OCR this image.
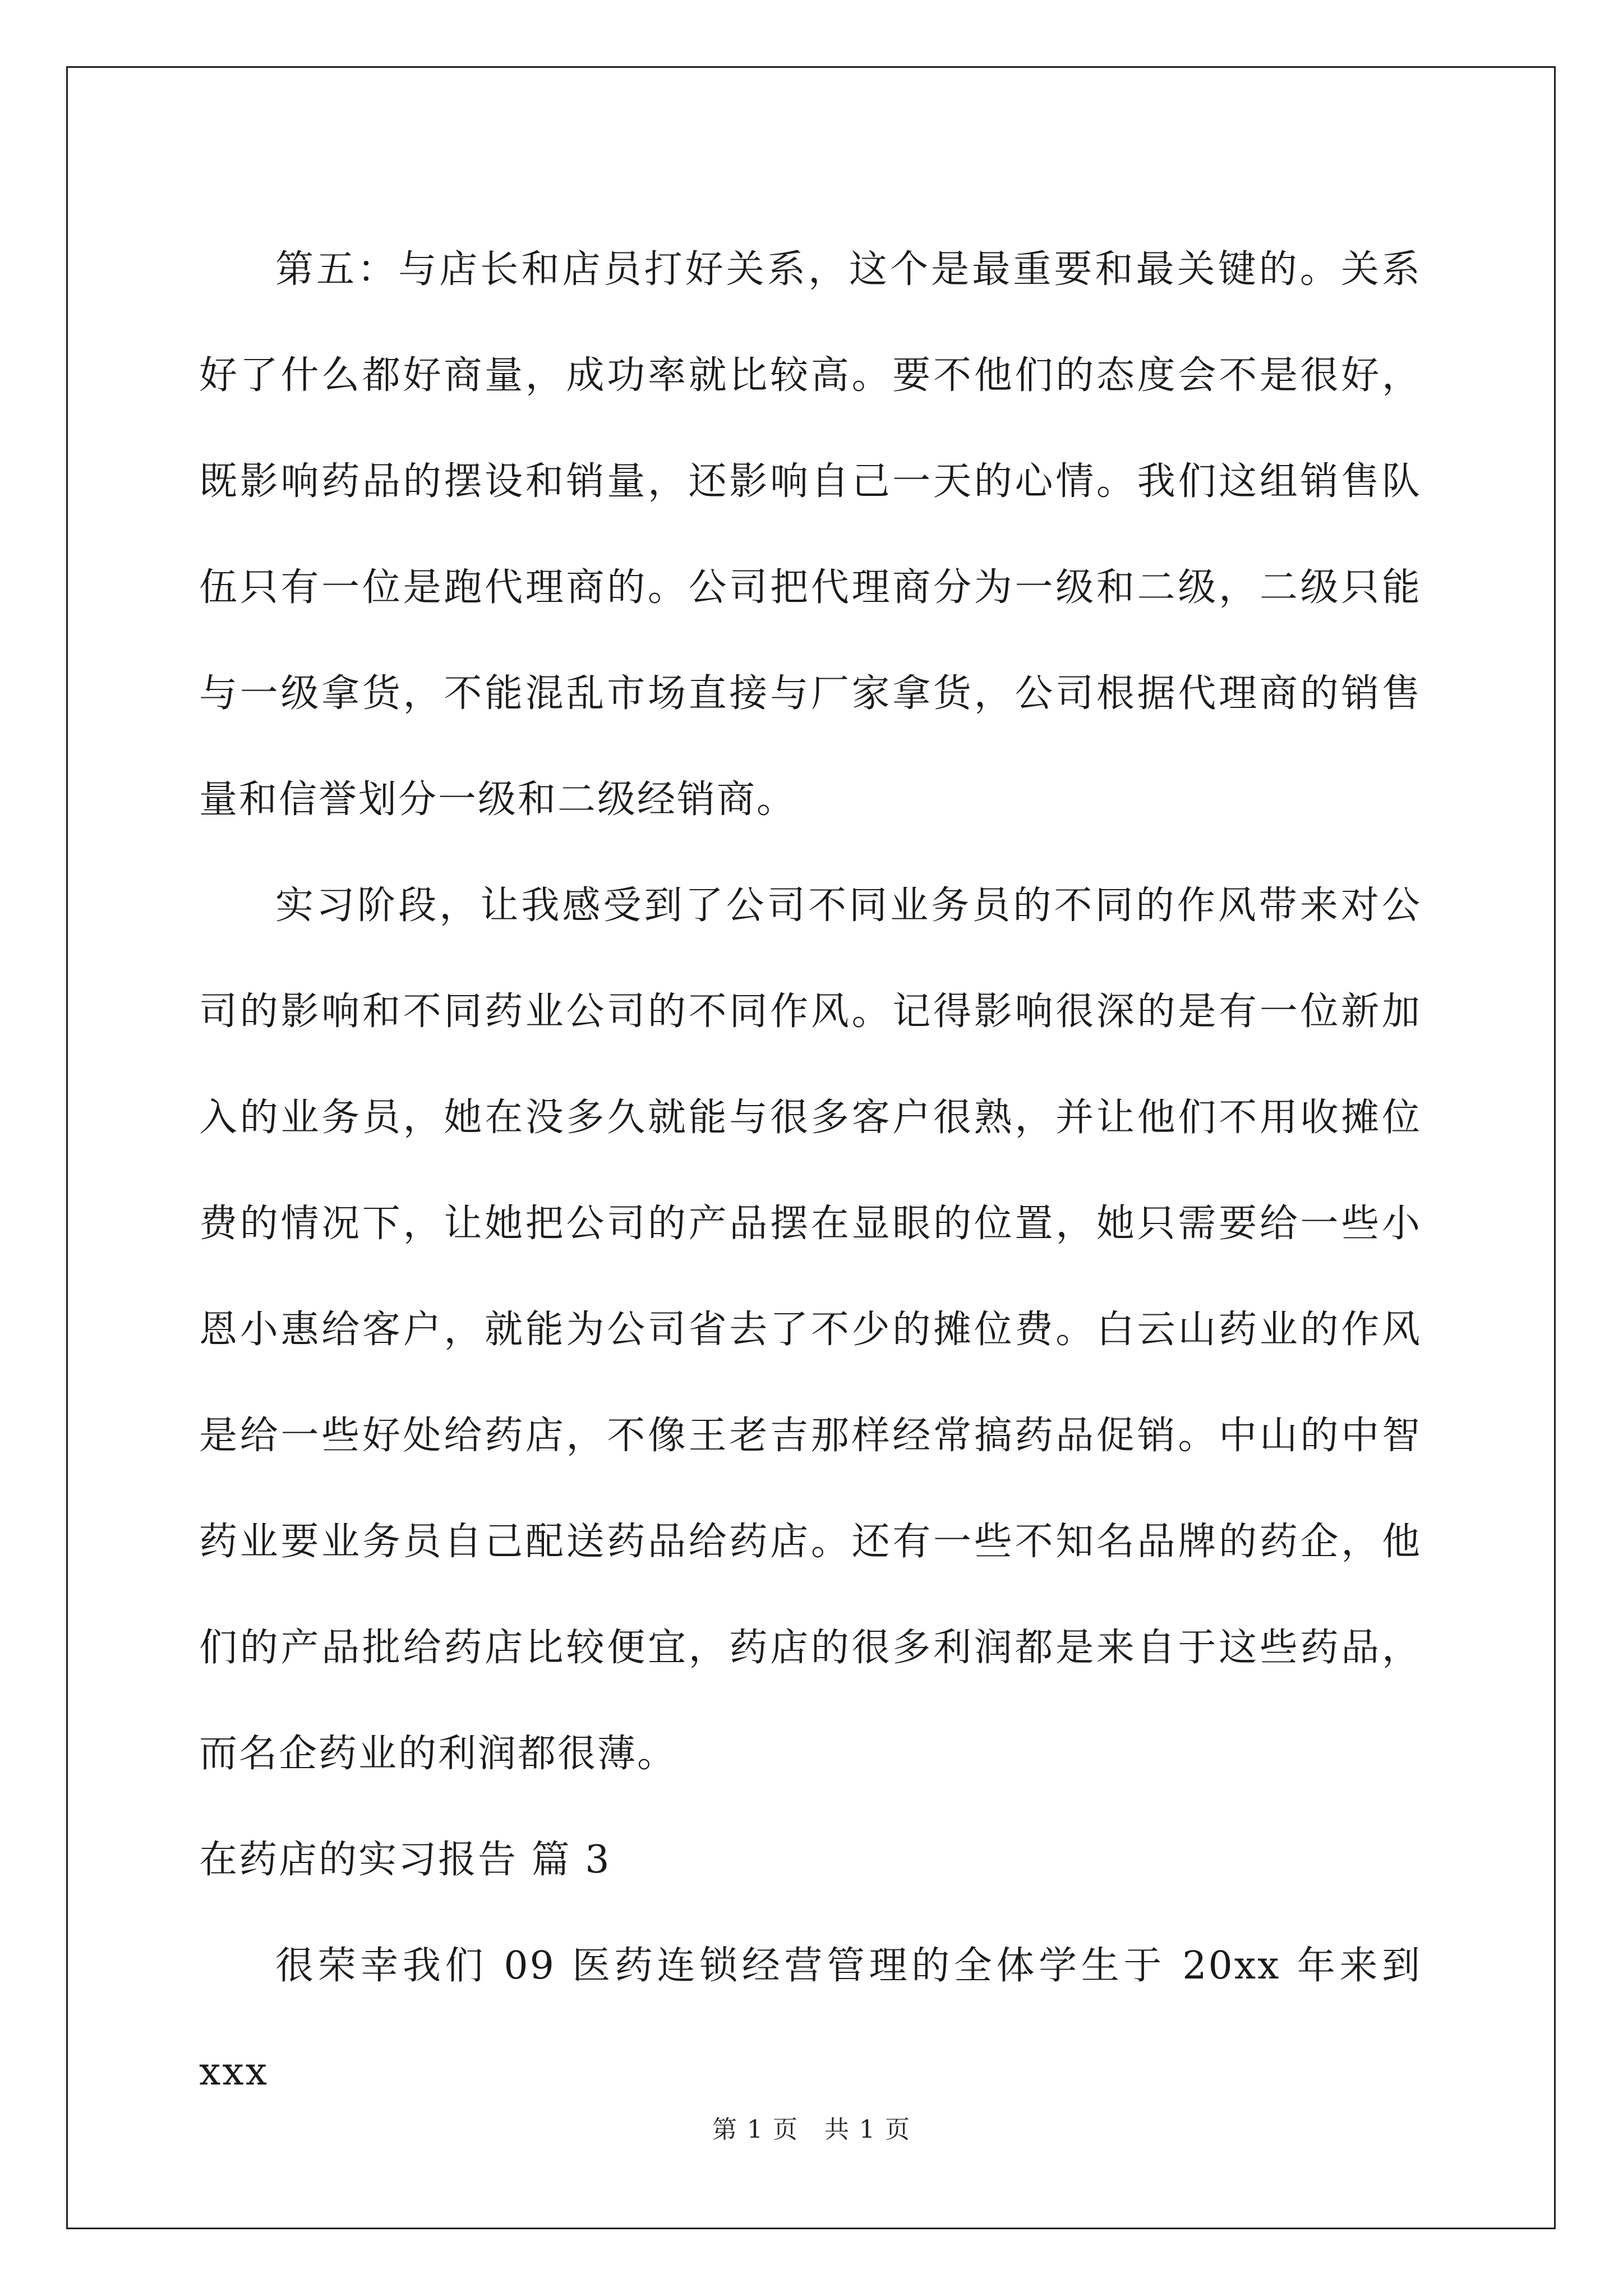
第五：与店长和店员打好关系，这个是最重要和最关键的。关系好了什么都好商量，成功率就比较高。要不他们的态度会不是很好，既影响药品的摆设和销量，还影响自己一天的心情。我们这组销售队伍只有一位是跑代理商的。公司把代理商分为一级和二级，二级只能与一级拿货，不能混乱市场直接与厂家拿货，公司根据代理商的销售量和信誉划分一级和二级经销商。

实习阶段，让我感受到了公司不同业务员的不同的作风带来对公司的影响和不同药业公司的不同作风。记得影响很深的是有一位新加入的业务员，她在没多久就能与很多客户很熟，并让他们不用收摊位费的情况下，让她把公司的产品摆在显眼的位置，她只需要给一些小恩小惠给客户，就能为公司省去了不少的摊位费。白云山药业的作风是给一些好处给药店，不像王老吉那样经常搞药品促销。中山的中智药业要业务员自己配送药品给药店。还有一些不知名品牌的药企，他们的产品批给药店比较便宜，药店的很多利润都是来自于这些药品，而名企药业的利润都很薄。

在药店的实习报告 篇 3

很荣幸我们 09 医药连锁经营管理的全体学生于 20xx 年来到 xxx

第 1 页　共 1 页
